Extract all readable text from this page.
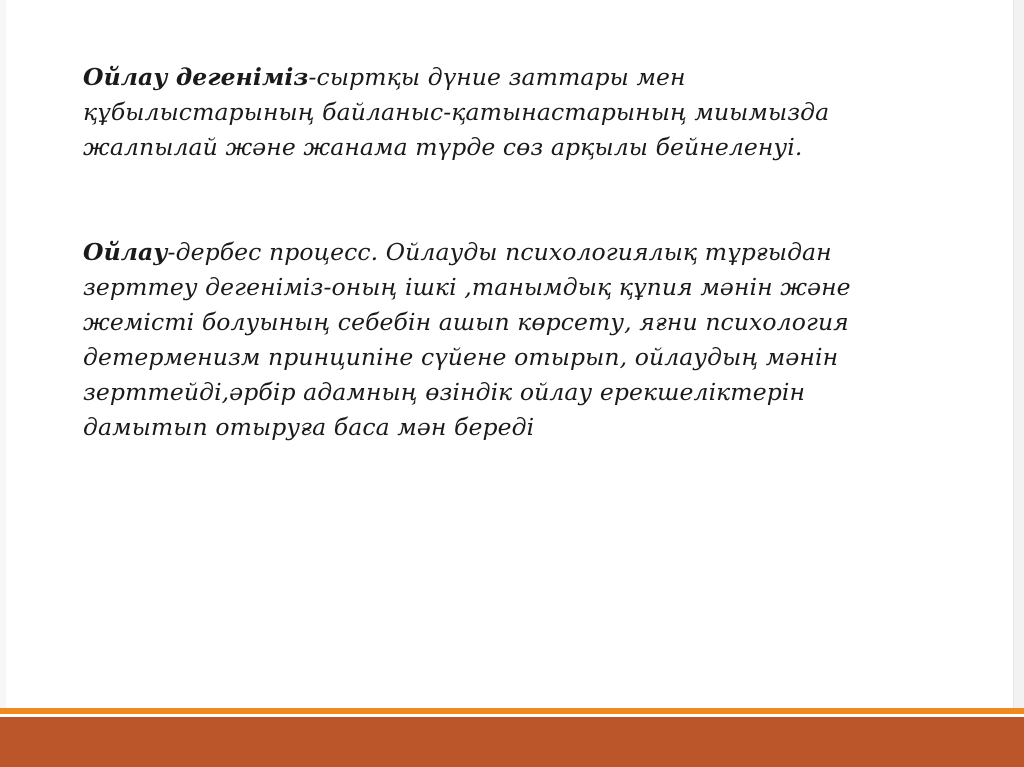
Ойлау дегеніміз-сыртқы дүние заттары мен
құбылыстарының байланыс-қатынастарының миымызда
жалпылай және жанама түрде сөз арқылы бейнеленуі.

Ойлау-дербес процесс. Ойлауды психологиялық тұрғыдан
зерттеу дегеніміз-оның ішкі ,танымдық құпия мәнін және
жемісті болуының себебін ашып көрсету, яғни психология
детерменизм принципіне сүйене отырып, ойлаудың мәнін
зерттейді,әрбір адамның өзіндік ойлау ерекшеліктерін
дамытып отыруға баса мән береді
